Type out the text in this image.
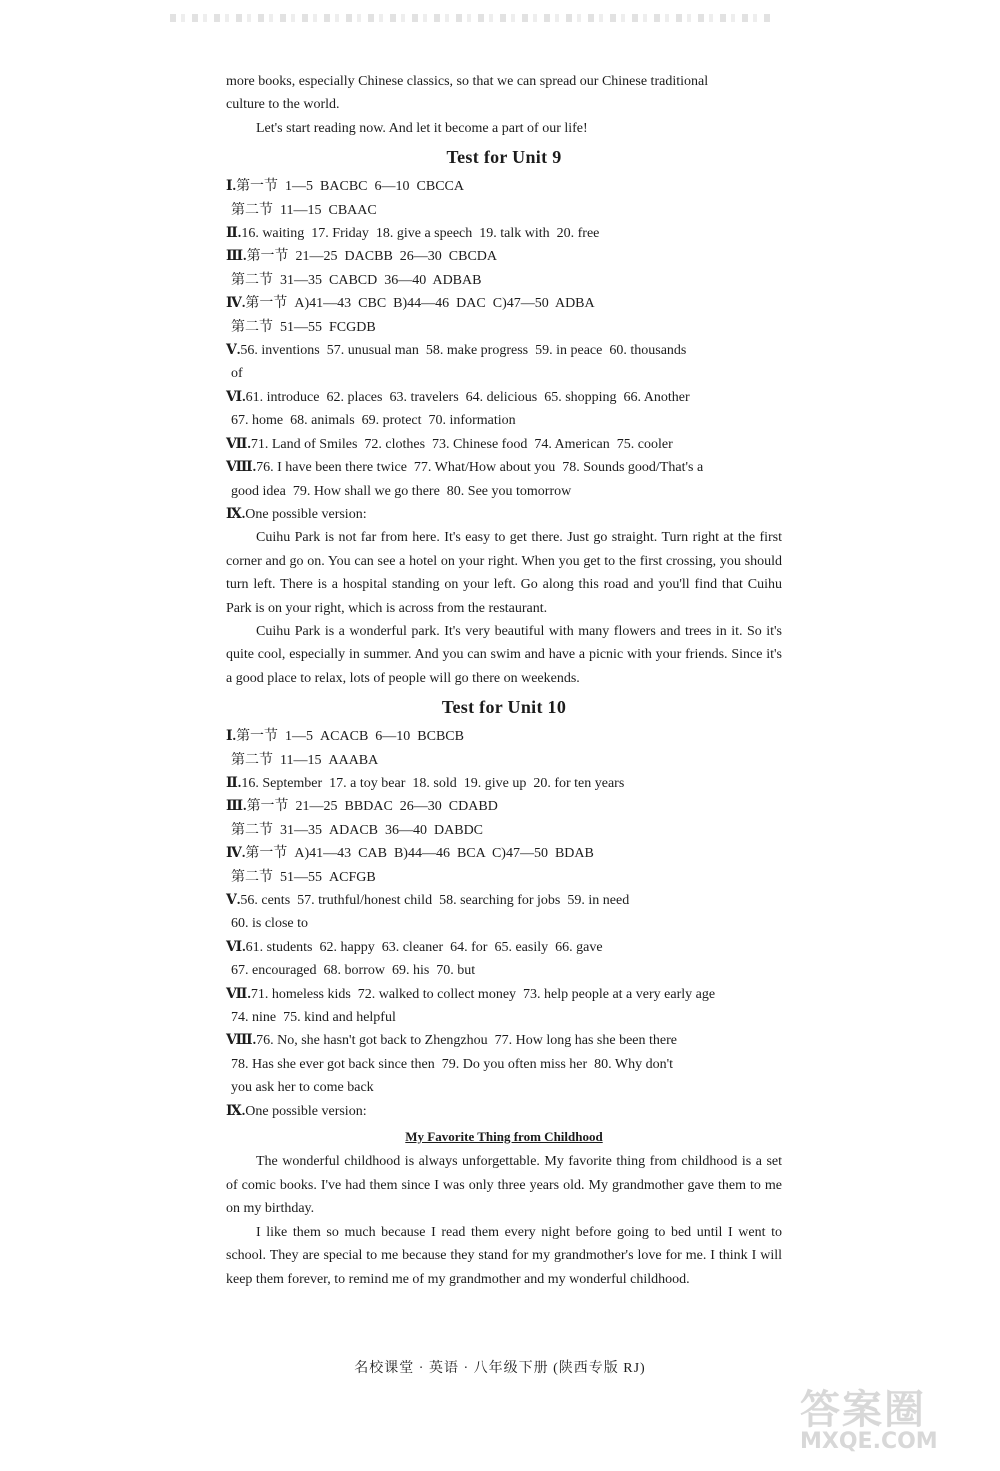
more books, especially Chinese classics, so that we can spread our Chinese traditional

culture to the world.

Let's start reading now. And let it become a part of our life!

Test for Unit 9
Ⅰ. 第一节  1—5  BACBC  6—10  CBCCA
第二节  11—15  CBAAC
Ⅱ. 16. waiting  17. Friday  18. give a speech  19. talk with  20. free
Ⅲ. 第一节  21—25  DACBB  26—30  CBCDA
第二节  31—35  CABCD  36—40  ADBAB
Ⅳ. 第一节  A)41—43  CBC  B)44—46  DAC  C)47—50  ADBA
第二节  51—55  FCGDB
Ⅴ. 56. inventions  57. unusual man  58. make progress  59. in peace  60. thousands
of
Ⅵ. 61. introduce  62. places  63. travelers  64. delicious  65. shopping  66. Another
67. home  68. animals  69. protect  70. information
Ⅶ. 71. Land of Smiles  72. clothes  73. Chinese food  74. American  75. cooler
Ⅷ. 76. I have been there twice  77. What/How about you  78. Sounds good/That's a
good idea  79. How shall we go there  80. See you tomorrow
Ⅸ. One possible version:

Cuihu Park is not far from here. It's easy to get there. Just go straight. Turn right at the first corner and go on. You can see a hotel on your right. When you get to the first crossing, you should turn left. There is a hospital standing on your left. Go along this road and you'll find that Cuihu Park is on your right, which is across from the restaurant.

Cuihu Park is a wonderful park. It's very beautiful with many flowers and trees in it. So it's quite cool, especially in summer. And you can swim and have a picnic with your friends. Since it's a good place to relax, lots of people will go there on weekends.

Test for Unit 10
Ⅰ. 第一节  1—5  ACACB  6—10  BCBCB
第二节  11—15  AAABA
Ⅱ. 16. September  17. a toy bear  18. sold  19. give up  20. for ten years
Ⅲ. 第一节  21—25  BBDAC  26—30  CDABD
第二节  31—35  ADACB  36—40  DABDC
Ⅳ. 第一节  A)41—43  CAB  B)44—46  BCA  C)47—50  BDAB
第二节  51—55  ACFGB
Ⅴ. 56. cents  57. truthful/honest child  58. searching for jobs  59. in need
60. is close to
Ⅵ. 61. students  62. happy  63. cleaner  64. for  65. easily  66. gave
67. encouraged  68. borrow  69. his  70. but
Ⅶ. 71. homeless kids  72. walked to collect money  73. help people at a very early age
74. nine  75. kind and helpful
Ⅷ. 76. No, she hasn't got back to Zhengzhou  77. How long has she been there
78. Has she ever got back since then  79. Do you often miss her  80. Why don't
you ask her to come back
Ⅸ. One possible version:
My Favorite Thing from Childhood

The wonderful childhood is always unforgettable. My favorite thing from childhood is a set of comic books. I've had them since I was only three years old. My grandmother gave them to me on my birthday.

I like them so much because I read them every night before going to bed until I went to school. They are special to me because they stand for my grandmother's love for me. I think I will keep them forever, to remind me of my grandmother and my wonderful childhood.

名校课堂 · 英语 · 八年级下册 (陕西专版 RJ)
答案圈
MXQE.COM
